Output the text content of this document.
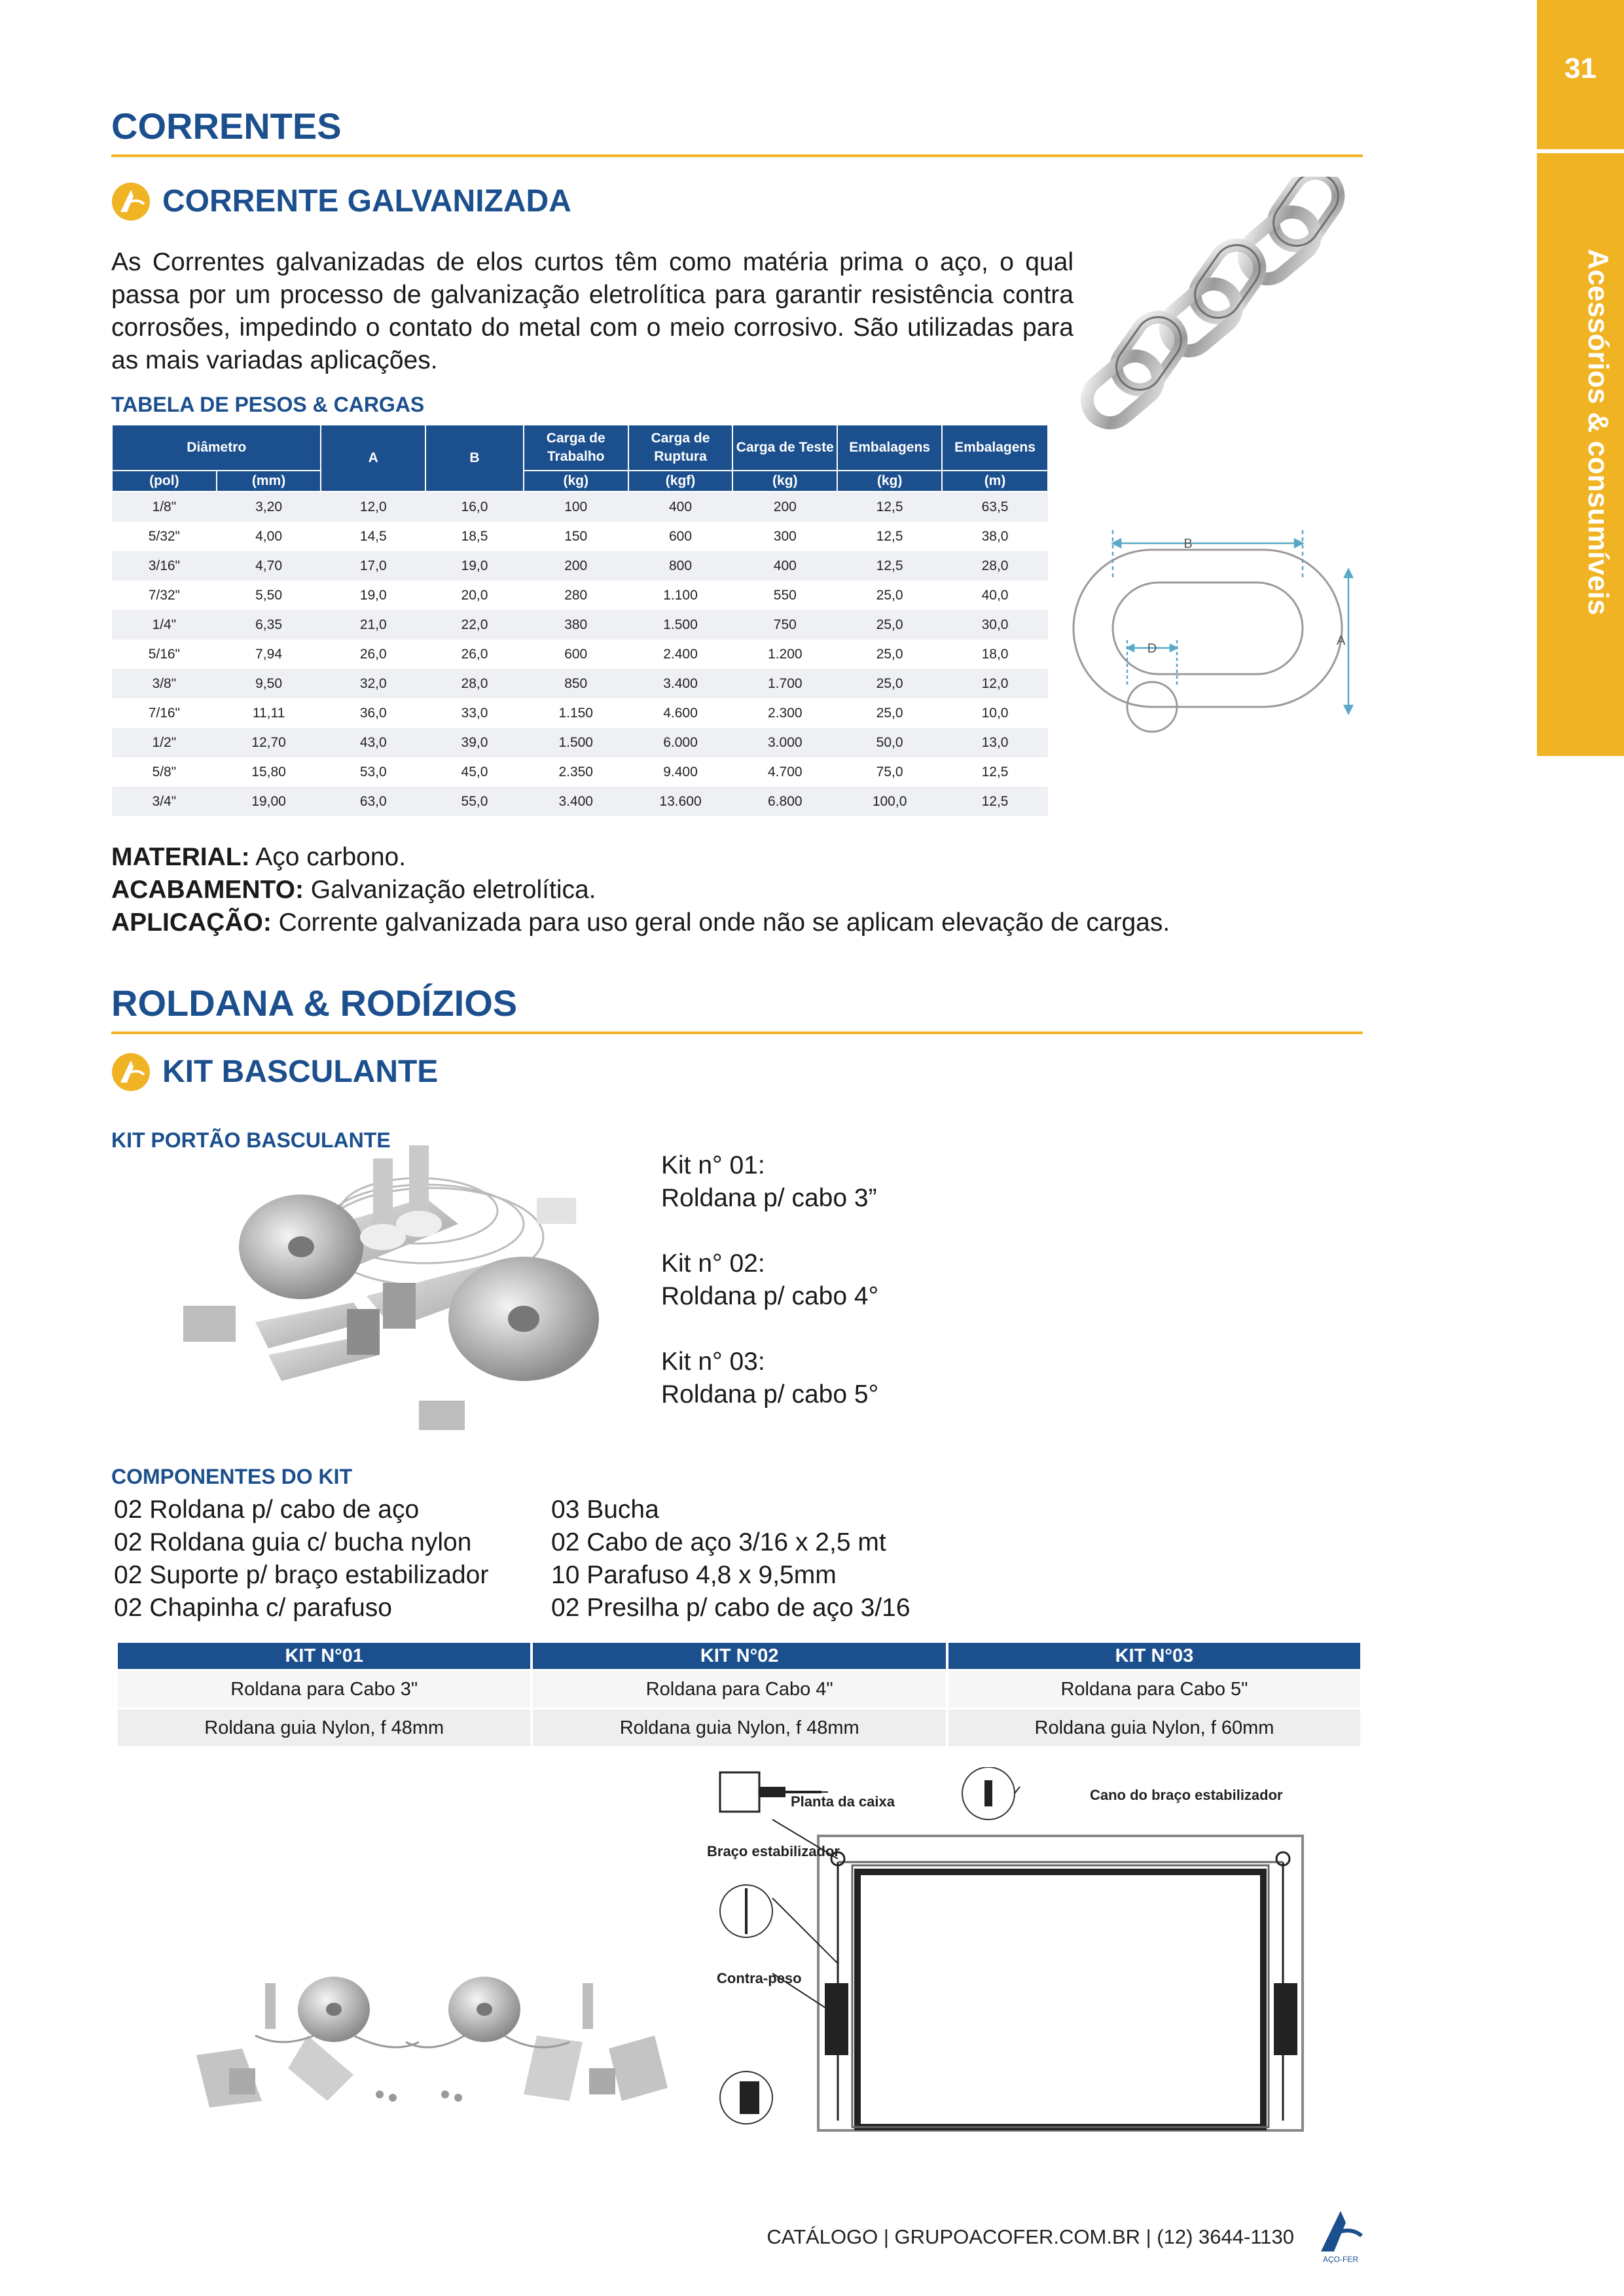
31
Acessórios & consumíveis
CORRENTES
CORRENTE GALVANIZADA
As Correntes galvanizadas de elos curtos têm como matéria prima o aço, o qual passa por um processo de galvanização eletrolítica para garantir resistência contra corrosões, impedindo o contato do metal com o meio corrosivo. São utilizadas para as mais variadas aplicações.
TABELA DE PESOS & CARGAS
Diâmetro		A	B	Carga de Trabalho	Carga de Ruptura	Carga de Teste	Embalagens	Embalagens
(pol)	(mm)			(kg)	(kgf)	(kg)	(kg)	(m)
1/8"	3,20	12,0	16,0	100	400	200	12,5	63,5
5/32"	4,00	14,5	18,5	150	600	300	12,5	38,0
3/16"	4,70	17,0	19,0	200	800	400	12,5	28,0
7/32"	5,50	19,0	20,0	280	1.100	550	25,0	40,0
1/4"	6,35	21,0	22,0	380	1.500	750	25,0	30,0
5/16"	7,94	26,0	26,0	600	2.400	1.200	25,0	18,0
3/8"	9,50	32,0	28,0	850	3.400	1.700	25,0	12,0
7/16"	11,11	36,0	33,0	1.150	4.600	2.300	25,0	10,0
1/2"	12,70	43,0	39,0	1.500	6.000	3.000	50,0	13,0
5/8"	15,80	53,0	45,0	2.350	9.400	4.700	75,0	12,5
3/4"	19,00	63,0	55,0	3.400	13.600	6.800	100,0	12,5
B
A
D
MATERIAL: Aço carbono.
ACABAMENTO: Galvanização eletrolítica.
APLICAÇÃO: Corrente galvanizada para uso geral onde não se aplicam elevação de cargas.
ROLDANA & RODÍZIOS
KIT BASCULANTE
KIT PORTÃO BASCULANTE
Kit n° 01:
Roldana p/ cabo 3”
Kit n° 02:
Roldana p/ cabo 4°
Kit n° 03:
Roldana p/ cabo 5°
COMPONENTES DO KIT
02 Roldana p/ cabo de aço
02 Roldana guia c/ bucha nylon
02 Suporte p/ braço estabilizador
02 Chapinha c/ parafuso
03 Bucha
02 Cabo de aço 3/16 x 2,5 mt
10 Parafuso 4,8 x 9,5mm
02 Presilha p/ cabo de aço 3/16
KIT N°01	KIT N°02	KIT N°03
Roldana para Cabo 3"	Roldana para Cabo 4"	Roldana para Cabo 5"
Roldana guia Nylon, f 48mm	Roldana guia Nylon, f 48mm	Roldana guia Nylon, f 60mm
Planta da caixa	Cano do braço estabilizador
Braço estabilizador
Contra-peso
CATÁLOGO | GRUPOACOFER.COM.BR | (12) 3644-1130
AÇO-FER
